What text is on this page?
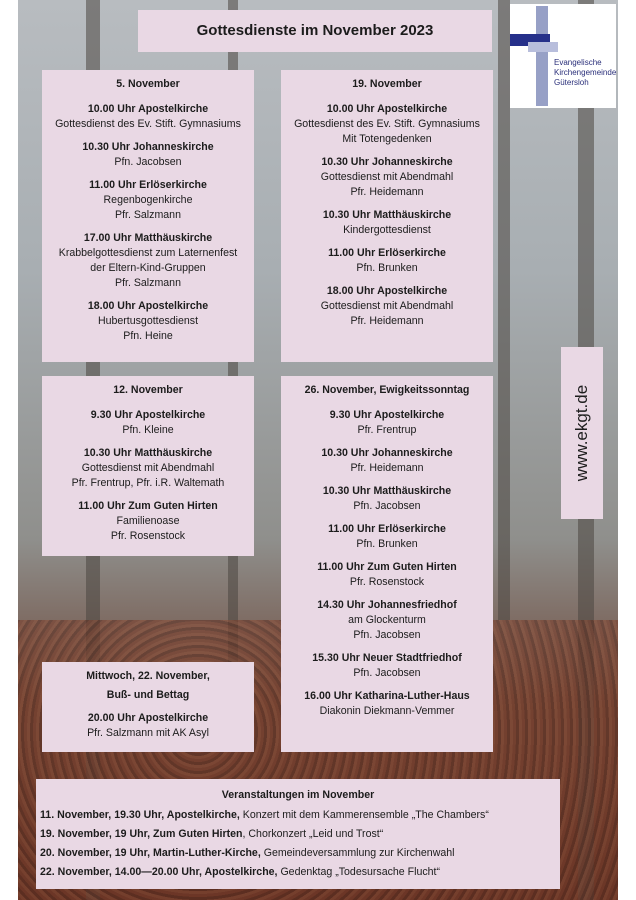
Gottesdienste im November 2023
Evangelische
Kirchengemeinde
Gütersloh
5. November
10.00 Uhr Apostelkirche
Gottesdienst des Ev. Stift. Gymnasiums
10.30 Uhr Johanneskirche
Pfn. Jacobsen
11.00 Uhr Erlöserkirche
Regenbogenkirche
Pfr. Salzmann
17.00 Uhr Matthäuskirche
Krabbelgottesdienst zum Laternenfest
der Eltern-Kind-Gruppen
Pfr. Salzmann
18.00 Uhr Apostelkirche
Hubertusgottesdienst
Pfn. Heine
19. November
10.00 Uhr Apostelkirche
Gottesdienst des Ev. Stift. Gymnasiums
Mit Totengedenken
10.30 Uhr Johanneskirche
Gottesdienst mit Abendmahl
Pfr. Heidemann
10.30 Uhr Matthäuskirche
Kindergottesdienst
11.00 Uhr Erlöserkirche
Pfn. Brunken
18.00 Uhr Apostelkirche
Gottesdienst mit Abendmahl
Pfr. Heidemann
12. November
9.30 Uhr Apostelkirche
Pfn. Kleine
10.30 Uhr Matthäuskirche
Gottesdienst mit Abendmahl
Pfr. Frentrup, Pfr. i.R. Waltemath
11.00 Uhr Zum Guten Hirten
Familienoase
Pfr. Rosenstock
Mittwoch, 22. November,
Buß- und Bettag
20.00 Uhr Apostelkirche
Pfr. Salzmann mit AK Asyl
26. November, Ewigkeitssonntag
9.30 Uhr Apostelkirche
Pfr. Frentrup
10.30 Uhr Johanneskirche
Pfr. Heidemann
10.30 Uhr Matthäuskirche
Pfn. Jacobsen
11.00 Uhr Erlöserkirche
Pfn. Brunken
11.00 Uhr Zum Guten Hirten
Pfr. Rosenstock
14.30 Uhr Johannesfriedhof
am Glockenturm
Pfn. Jacobsen
15.30 Uhr Neuer Stadtfriedhof
Pfn. Jacobsen
16.00 Uhr Katharina-Luther-Haus
Diakonin Diekmann-Vemmer
www.ekgt.de
Veranstaltungen im November
11. November, 19.30 Uhr, Apostelkirche, Konzert mit dem Kammerensemble „The Chambers“
19. November, 19 Uhr, Zum Guten Hirten, Chorkonzert „Leid und Trost“
20. November, 19 Uhr, Martin-Luther-Kirche, Gemeindeversammlung zur Kirchenwahl
22. November, 14.00—20.00 Uhr, Apostelkirche, Gedenktag „Todesursache Flucht“
